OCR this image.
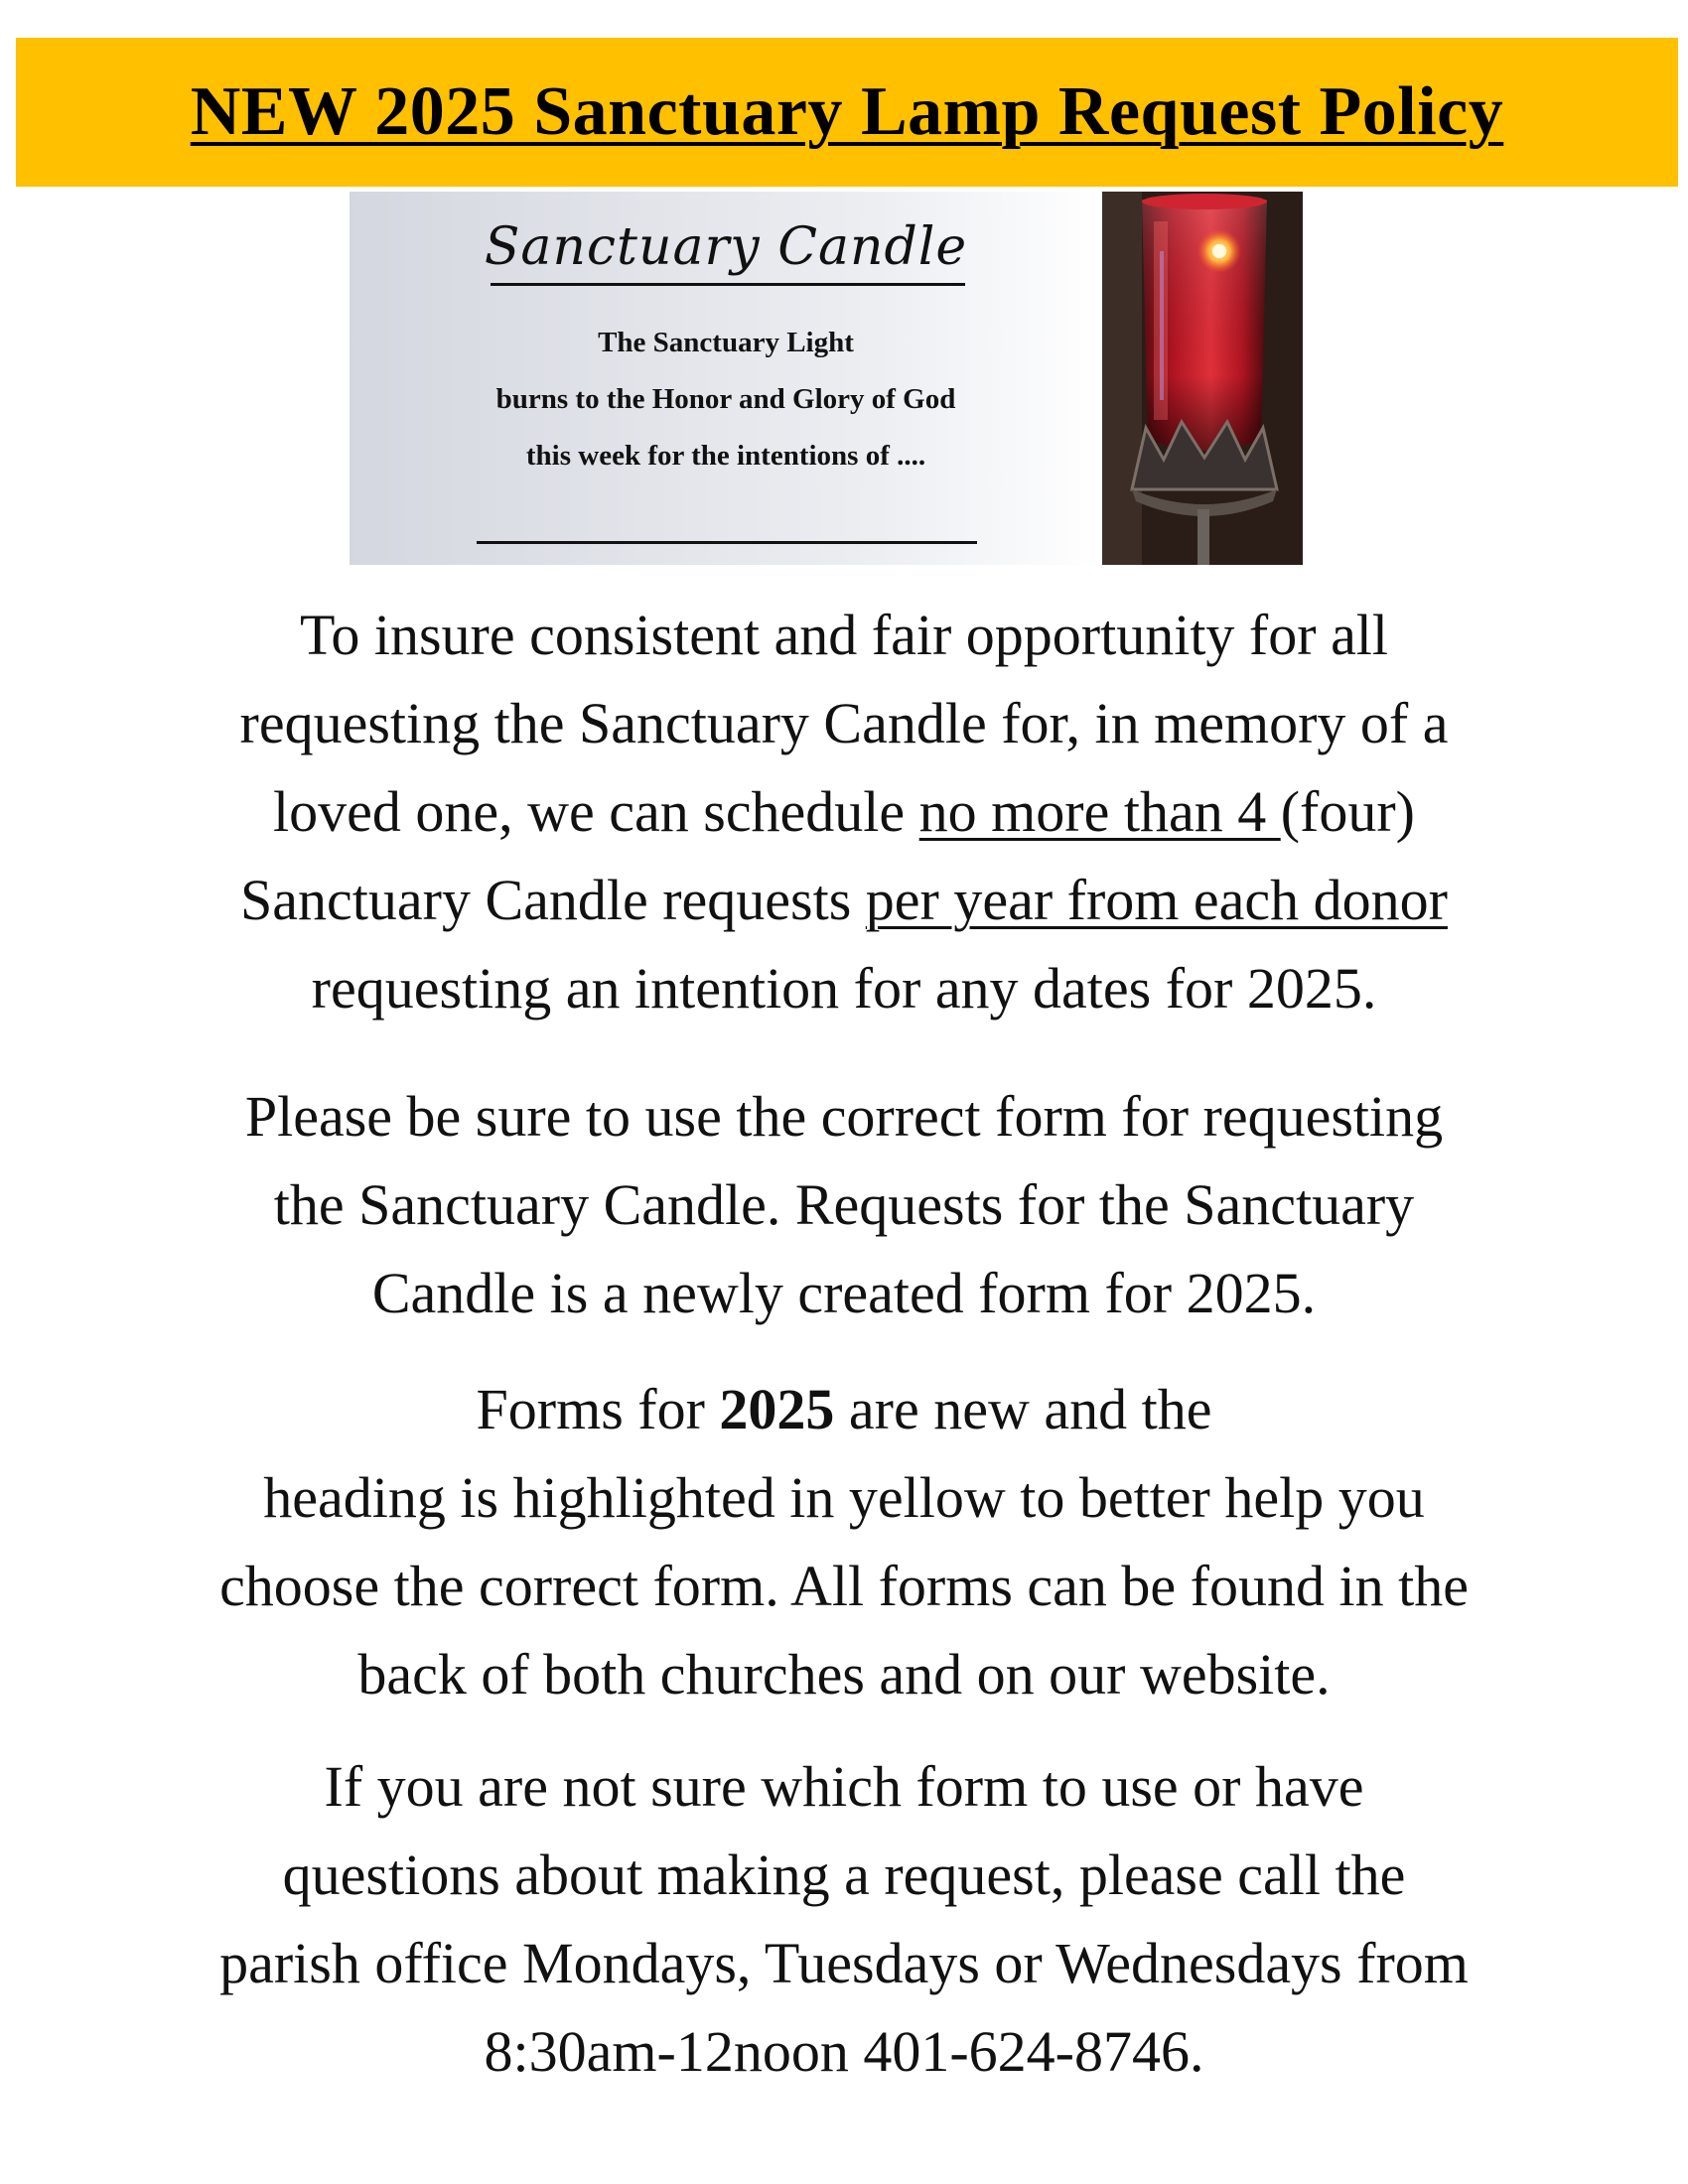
NEW 2025 Sanctuary Lamp Request Policy
Sanctuary Candle
The Sanctuary Light
burns to the Honor and Glory of God
this week for the intentions of ....
To insure consistent and fair opportunity for all
requesting the Sanctuary Candle for, in memory of a
loved one, we can schedule no more than 4 (four)
Sanctuary Candle requests per year from each donor
requesting an intention for any dates for 2025.
Please be sure to use the correct form for requesting
the Sanctuary Candle. Requests for the Sanctuary
Candle is a newly created form for 2025.
Forms for 2025 are new and the
heading is highlighted in yellow to better help you
choose the correct form. All forms can be found in the
back of both churches and on our website.
If you are not sure which form to use or have
questions about making a request, please call the
parish office Mondays, Tuesdays or Wednesdays from
8:30am-12noon 401-624-8746.
